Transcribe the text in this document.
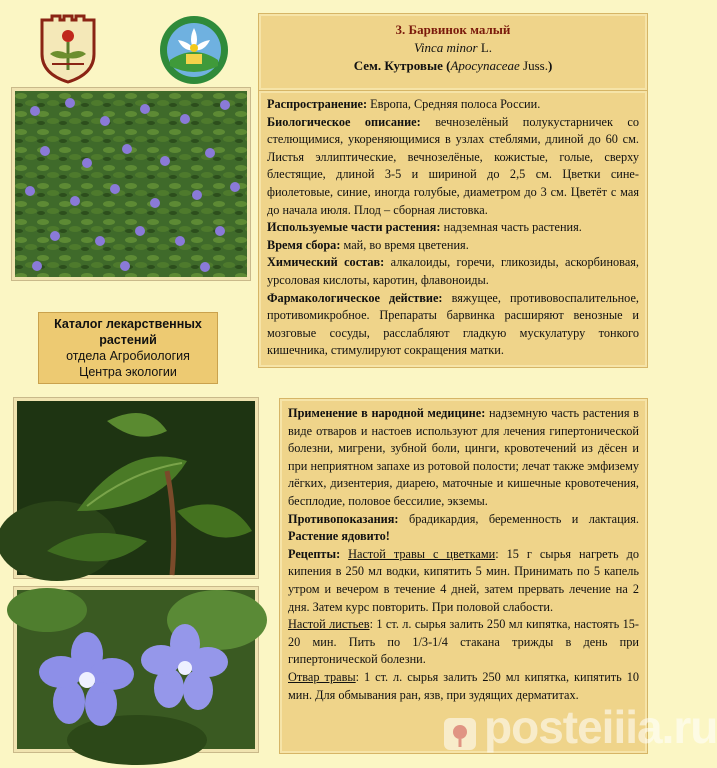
Каталог лекарственных растений
отдела Агробиология
Центра экологии
3. Барвинок малый
Vinca minor L.
Сем. Кутровые (Apocynaceae Juss.)

Распространение: Европа, Средняя полоса России.

Биологическое описание: вечнозелёный полукустарничек со стелющимися, укореняющимися в узлах стеблями, длиной до 60 см. Листья эллиптические, вечнозелёные, кожистые, голые, сверху блестящие, длиной 3-5 и шириной до 2,5 см. Цветки сине-фиолетовые, синие, иногда голубые, диаметром до 3 см. Цветёт с мая до начала июля. Плод – сборная листовка.

Используемые части растения: надземная часть растения.

Время сбора: май, во время цветения.

Химический состав: алкалоиды, горечи, гликозиды, аскорбиновая, урсоловая кислоты, каротин, флавоноиды.

Фармакологическое действие: вяжущее, противовоспалительное, противомикробное. Препараты барвинка расширяют венозные и мозговые сосуды, расслабляют гладкую мускулатуру тонкого кишечника, стимулируют сокращения матки.

Применение в народной медицине: надземную часть растения в виде отваров и настоев используют для лечения гипертонической болезни, мигрени, зубной боли, цинги, кровотечений из дёсен и при неприятном запахе из ротовой полости; лечат также эмфизему лёгких, дизентерия, диарею, маточные и кишечные кровотечения, бесплодие, половое бессилие, экземы.

Противопоказания: брадикардия, беременность и лактация. Растение ядовито!

Рецепты: Настой травы с цветками: 15 г сырья нагреть до кипения в 250 мл водки, кипятить 5 мин. Принимать по 5 капель утром и вечером в течение 4 дней, затем прервать лечение на 2 дня. Затем курс повторить. При половой слабости.

Настой листьев: 1 ст. л. сырья залить 250 мл кипятка, настоять 15-20 мин. Пить по 1/3-1/4 стакана трижды в день при гипертонической болезни.

Отвар травы: 1 ст. л. сырья залить 250 мл кипятка, кипятить 10 мин. Для обмывания ран, язв, при зудящих дерматитах.

posteiiia.ru
